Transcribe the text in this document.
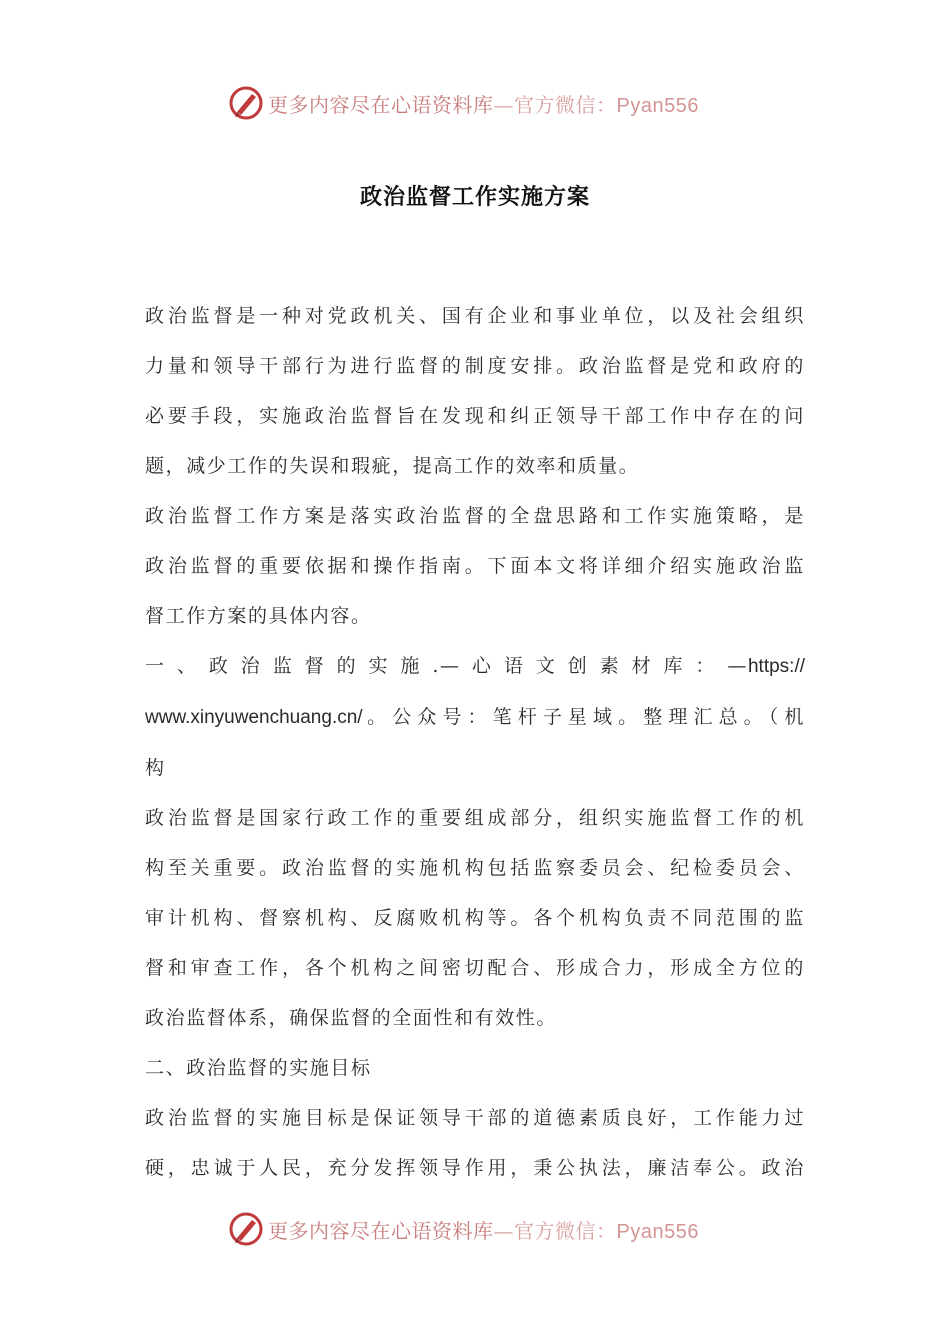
更多内容尽在心语资料库—官方微信：Pyan556
政治监督工作实施方案

政治监督是一种对党政机关、国有企业和事业单位，以及社会组织
力量和领导干部行为进行监督的制度安排。政治监督是党和政府的
必要手段，实施政治监督旨在发现和纠正领导干部工作中存在的问
题，减少工作的失误和瑕疵，提高工作的效率和质量。

政治监督工作方案是落实政治监督的全盘思路和工作实施策略，是
政治监督的重要依据和操作指南。下面本文将详细介绍实施政治监
督工作方案的具体内容。

一、政治监督的实施.—心语文创素材库：—https://
www.xinyuwenchuang.cn/。公众号：笔杆子星域。整理汇总。（机
构

政治监督是国家行政工作的重要组成部分，组织实施监督工作的机
构至关重要。政治监督的实施机构包括监察委员会、纪检委员会、
审计机构、督察机构、反腐败机构等。各个机构负责不同范围的监
督和审查工作，各个机构之间密切配合、形成合力，形成全方位的
政治监督体系，确保监督的全面性和有效性。

二、政治监督的实施目标

政治监督的实施目标是保证领导干部的道德素质良好，工作能力过
硬，忠诚于人民，充分发挥领导作用，秉公执法，廉洁奉公。政治

更多内容尽在心语资料库—官方微信：Pyan556
